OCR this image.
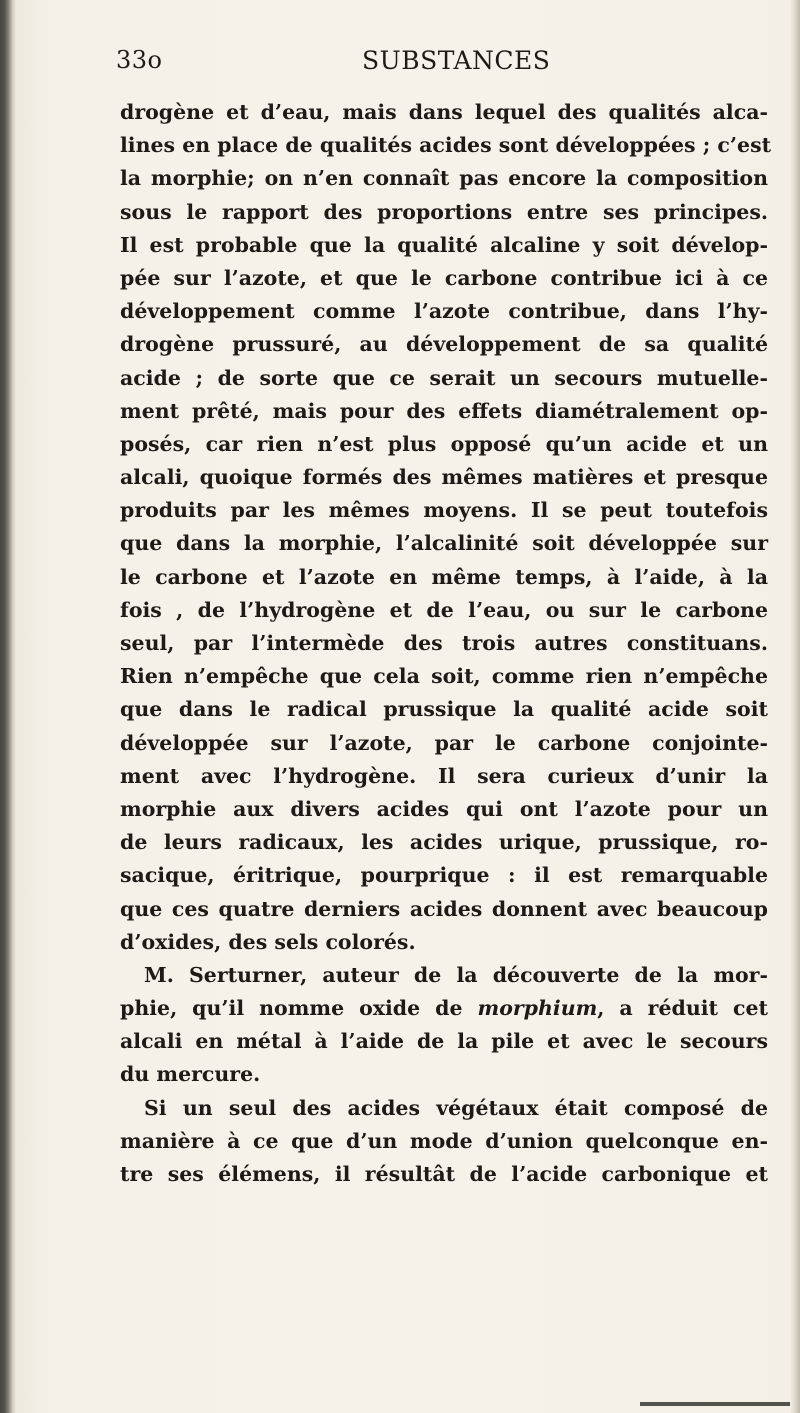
33o	SUBSTANCES
drogène et d’eau, mais dans lequel des qualités alca-
lines en place de qualités acides sont développées ; c’est
la morphie; on n’en connaît pas encore la composition
sous le rapport des proportions entre ses principes.
Il est probable que la qualité alcaline y soit dévelop-
pée sur l’azote, et que le carbone contribue ici à ce
développement comme l’azote contribue, dans l’hy-
drogène prussuré, au développement de sa qualité
acide ; de sorte que ce serait un secours mutuelle-
ment prêté, mais pour des effets diamétralement op-
posés, car rien n’est plus opposé qu’un acide et un
alcali, quoique formés des mêmes matières et presque
produits par les mêmes moyens. Il se peut toutefois
que dans la morphie, l’alcalinité soit développée sur
le carbone et l’azote en même temps, à l’aide, à la
fois , de l’hydrogène et de l’eau, ou sur le carbone
seul, par l’intermède des trois autres constituans.
Rien n’empêche que cela soit, comme rien n’empêche
que dans le radical prussique la qualité acide soit
développée sur l’azote, par le carbone conjointe-
ment avec l’hydrogène. Il sera curieux d’unir la
morphie aux divers acides qui ont l’azote pour un
de leurs radicaux, les acides urique, prussique, ro-
sacique, éritrique, pourprique : il est remarquable
que ces quatre derniers acides donnent avec beaucoup
d’oxides, des sels colorés.
M. Serturner, auteur de la découverte de la mor-
phie, qu’il nomme oxide de morphium, a réduit cet
alcali en métal à l’aide de la pile et avec le secours
du mercure.
Si un seul des acides végétaux était composé de
manière à ce que d’un mode d’union quelconque en-
tre ses élémens, il résultât de l’acide carbonique et
